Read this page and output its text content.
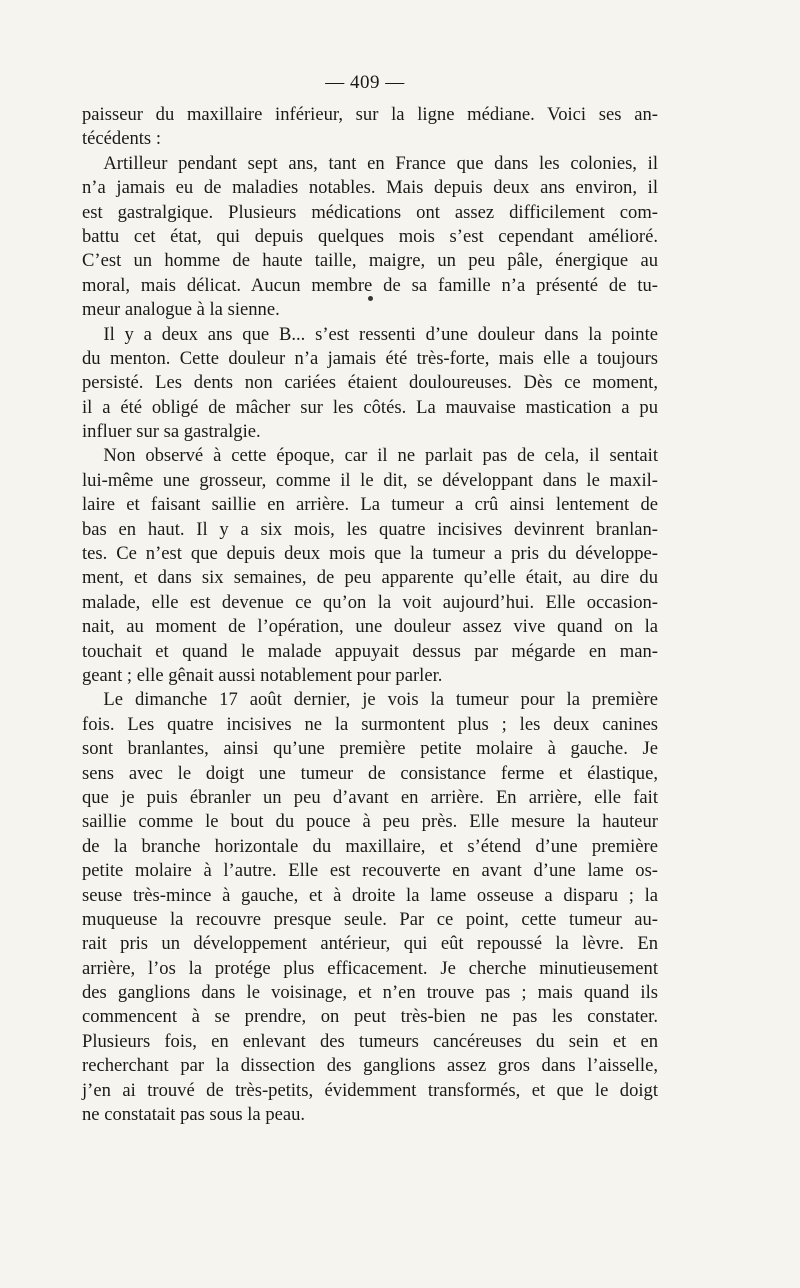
— 409 —
paisseur du maxillaire inférieur, sur la ligne médiane. Voici ses an-
técédents :
Artilleur pendant sept ans, tant en France que dans les colonies, il
n’a jamais eu de maladies notables. Mais depuis deux ans environ, il
est gastralgique. Plusieurs médications ont assez difficilement com-
battu cet état, qui depuis quelques mois s’est cependant amélioré.
C’est un homme de haute taille, maigre, un peu pâle, énergique au
moral, mais délicat. Aucun membre de sa famille n’a présenté de tu-
meur analogue à la sienne.
Il y a deux ans que B... s’est ressenti d’une douleur dans la pointe
du menton. Cette douleur n’a jamais été très-forte, mais elle a toujours
persisté. Les dents non cariées étaient douloureuses. Dès ce moment,
il a été obligé de mâcher sur les côtés. La mauvaise mastication a pu
influer sur sa gastralgie.
Non observé à cette époque, car il ne parlait pas de cela, il sentait
lui-même une grosseur, comme il le dit, se développant dans le maxil-
laire et faisant saillie en arrière. La tumeur a crû ainsi lentement de
bas en haut. Il y a six mois, les quatre incisives devinrent branlan-
tes. Ce n’est que depuis deux mois que la tumeur a pris du développe-
ment, et dans six semaines, de peu apparente qu’elle était, au dire du
malade, elle est devenue ce qu’on la voit aujourd’hui. Elle occasion-
nait, au moment de l’opération, une douleur assez vive quand on la
touchait et quand le malade appuyait dessus par mégarde en man-
geant ; elle gênait aussi notablement pour parler.
Le dimanche 17 août dernier, je vois la tumeur pour la première
fois. Les quatre incisives ne la surmontent plus ; les deux canines
sont branlantes, ainsi qu’une première petite molaire à gauche. Je
sens avec le doigt une tumeur de consistance ferme et élastique,
que je puis ébranler un peu d’avant en arrière. En arrière, elle fait
saillie comme le bout du pouce à peu près. Elle mesure la hauteur
de la branche horizontale du maxillaire, et s’étend d’une première
petite molaire à l’autre. Elle est recouverte en avant d’une lame os-
seuse très-mince à gauche, et à droite la lame osseuse a disparu ; la
muqueuse la recouvre presque seule. Par ce point, cette tumeur au-
rait pris un développement antérieur, qui eût repoussé la lèvre. En
arrière, l’os la protége plus efficacement. Je cherche minutieusement
des ganglions dans le voisinage, et n’en trouve pas ; mais quand ils
commencent à se prendre, on peut très-bien ne pas les constater.
Plusieurs fois, en enlevant des tumeurs cancéreuses du sein et en
recherchant par la dissection des ganglions assez gros dans l’aisselle,
j’en ai trouvé de très-petits, évidemment transformés, et que le doigt
ne constatait pas sous la peau.
